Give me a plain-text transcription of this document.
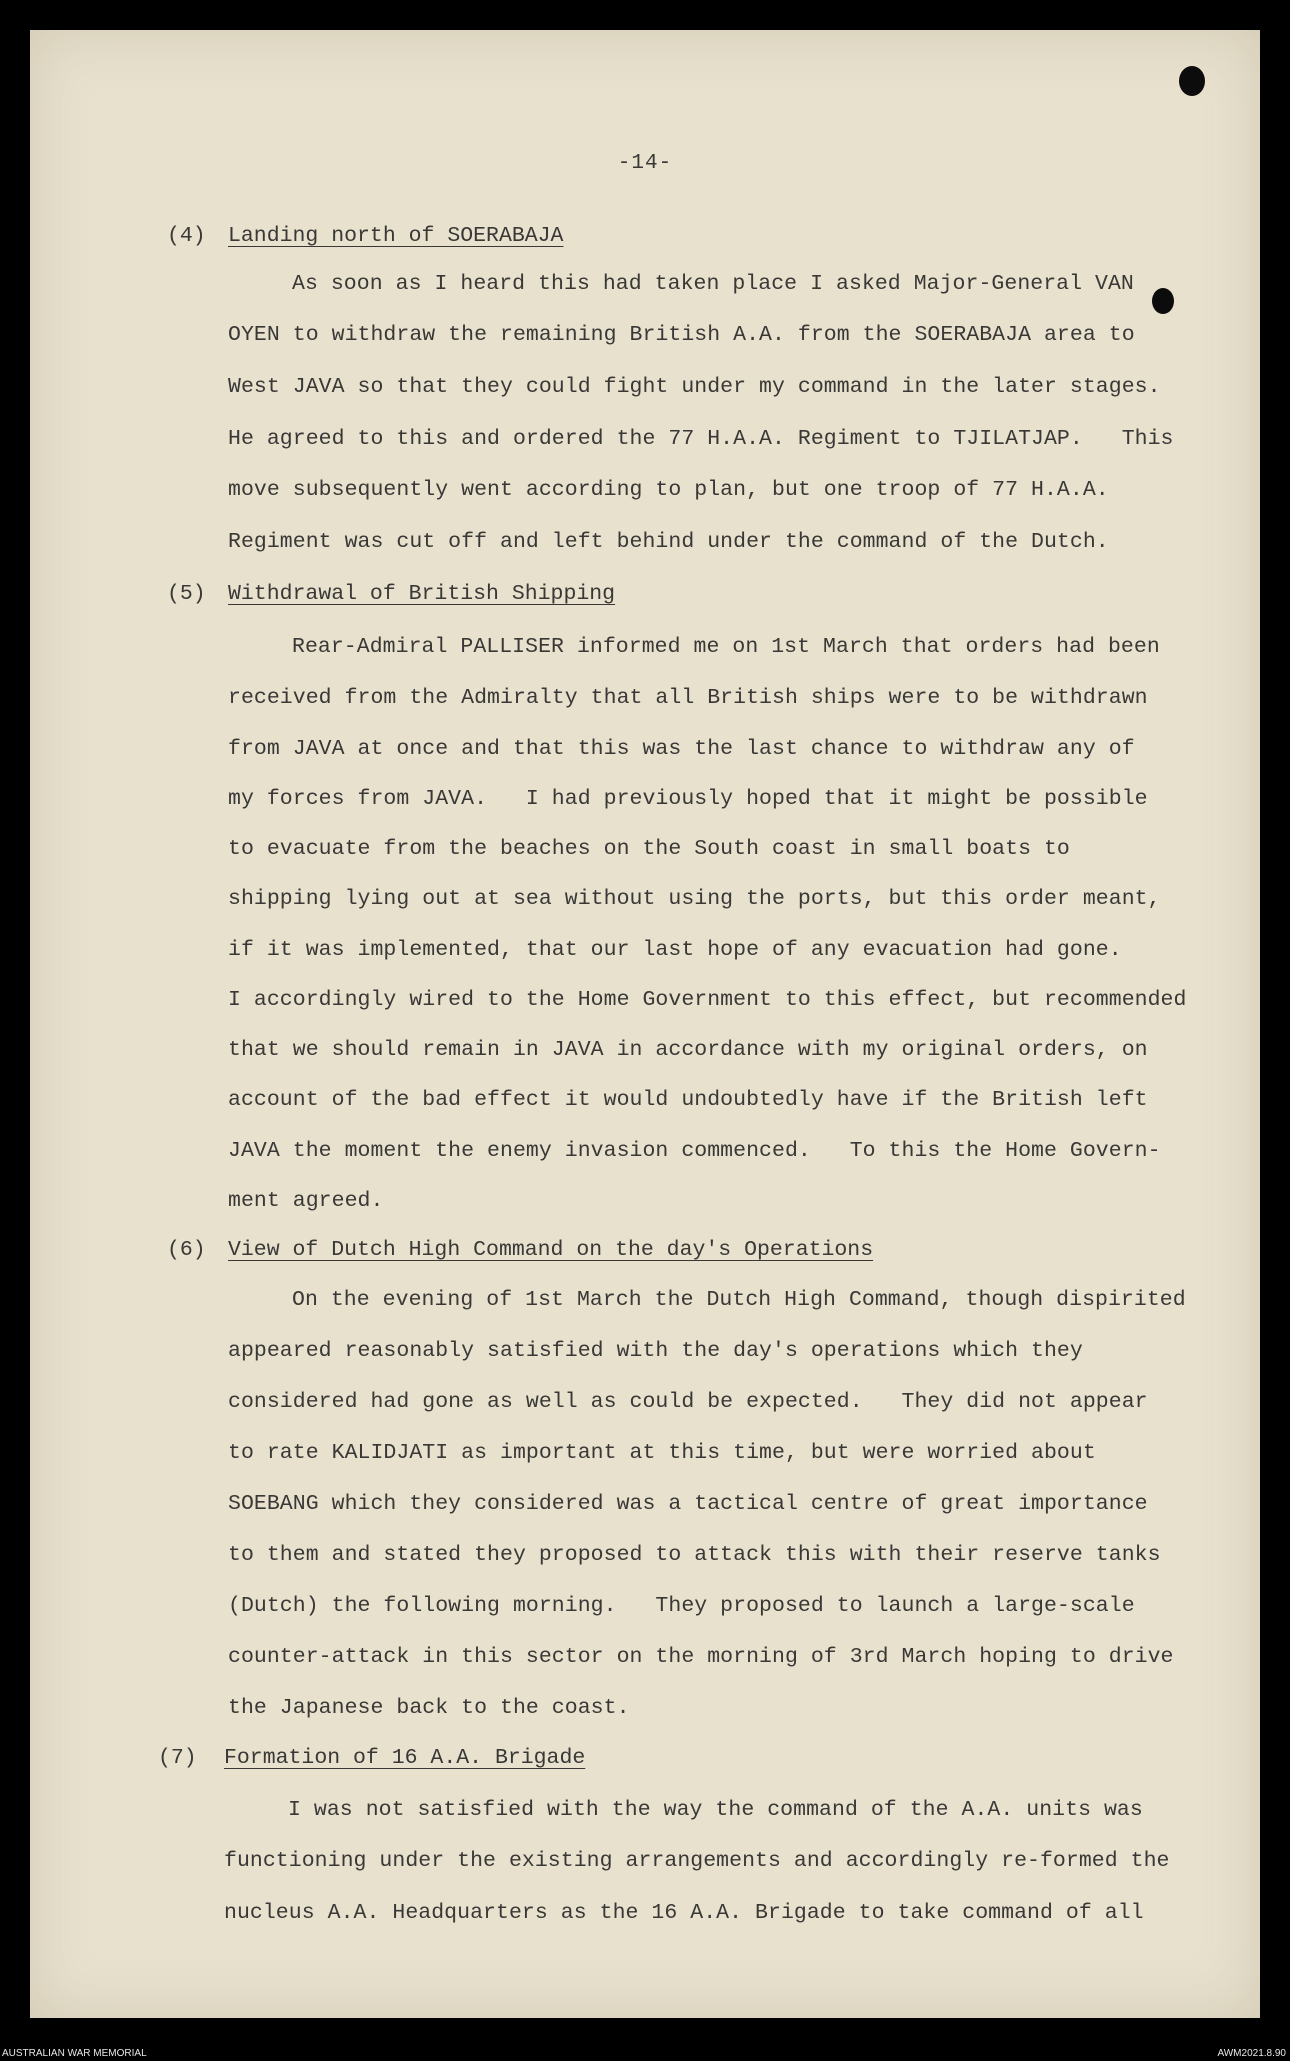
-14-
(4) Landing north of SOERABAJA
As soon as I heard this had taken place I asked Major-General VAN
OYEN to withdraw the remaining British A.A. from the SOERABAJA area to
West JAVA so that they could fight under my command in the later stages.
He agreed to this and ordered the 77 H.A.A. Regiment to TJILATJAP.   This
move subsequently went according to plan, but one troop of 77 H.A.A.
Regiment was cut off and left behind under the command of the Dutch.
(5) Withdrawal of British Shipping
Rear-Admiral PALLISER informed me on 1st March that orders had been
received from the Admiralty that all British ships were to be withdrawn
from JAVA at once and that this was the last chance to withdraw any of
my forces from JAVA.   I had previously hoped that it might be possible
to evacuate from the beaches on the South coast in small boats to
shipping lying out at sea without using the ports, but this order meant,
if it was implemented, that our last hope of any evacuation had gone.
I accordingly wired to the Home Government to this effect, but recommended
that we should remain in JAVA in accordance with my original orders, on
account of the bad effect it would undoubtedly have if the British left
JAVA the moment the enemy invasion commenced.   To this the Home Govern-
ment agreed.
(6) View of Dutch High Command on the day's Operations
On the evening of 1st March the Dutch High Command, though dispirited
appeared reasonably satisfied with the day's operations which they
considered had gone as well as could be expected.   They did not appear
to rate KALIDJATI as important at this time, but were worried about
SOEBANG which they considered was a tactical centre of great importance
to them and stated they proposed to attack this with their reserve tanks
(Dutch) the following morning.   They proposed to launch a large-scale
counter-attack in this sector on the morning of 3rd March hoping to drive
the Japanese back to the coast.
(7) Formation of 16 A.A. Brigade
I was not satisfied with the way the command of the A.A. units was
functioning under the existing arrangements and accordingly re-formed the
nucleus A.A. Headquarters as the 16 A.A. Brigade to take command of all
AUSTRALIAN WAR MEMORIAL	AWM2021.8.90
